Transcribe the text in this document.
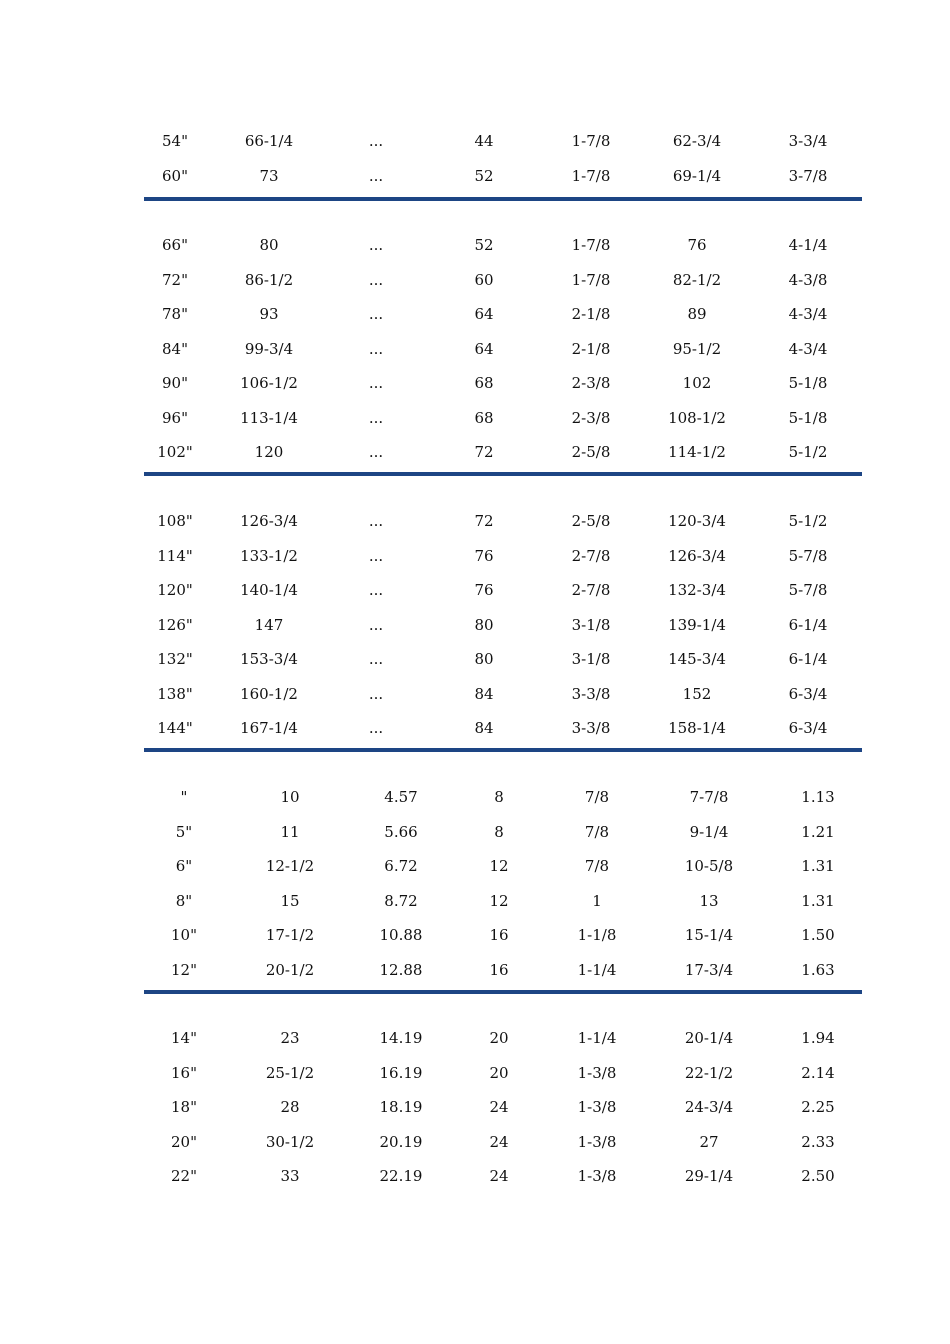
54"	66-1/4	...	44	1-7/8	62-3/4	3-3/4
60"	73	...	52	1-7/8	69-1/4	3-7/8
66"	80	...	52	1-7/8	76	4-1/4
72"	86-1/2	...	60	1-7/8	82-1/2	4-3/8
78"	93	...	64	2-1/8	89	4-3/4
84"	99-3/4	...	64	2-1/8	95-1/2	4-3/4
90"	106-1/2	...	68	2-3/8	102	5-1/8
96"	113-1/4	...	68	2-3/8	108-1/2	5-1/8
102"	120	...	72	2-5/8	114-1/2	5-1/2
108"	126-3/4	...	72	2-5/8	120-3/4	5-1/2
114"	133-1/2	...	76	2-7/8	126-3/4	5-7/8
120"	140-1/4	...	76	2-7/8	132-3/4	5-7/8
126"	147	...	80	3-1/8	139-1/4	6-1/4
132"	153-3/4	...	80	3-1/8	145-3/4	6-1/4
138"	160-1/2	...	84	3-3/8	152	6-3/4
144"	167-1/4	...	84	3-3/8	158-1/4	6-3/4
"	10	4.57	8	7/8	7-7/8	1.13
5"	11	5.66	8	7/8	9-1/4	1.21
6"	12-1/2	6.72	12	7/8	10-5/8	1.31
8"	15	8.72	12	1	13	1.31
10"	17-1/2	10.88	16	1-1/8	15-1/4	1.50
12"	20-1/2	12.88	16	1-1/4	17-3/4	1.63
14"	23	14.19	20	1-1/4	20-1/4	1.94
16"	25-1/2	16.19	20	1-3/8	22-1/2	2.14
18"	28	18.19	24	1-3/8	24-3/4	2.25
20"	30-1/2	20.19	24	1-3/8	27	2.33
22"	33	22.19	24	1-3/8	29-1/4	2.50
